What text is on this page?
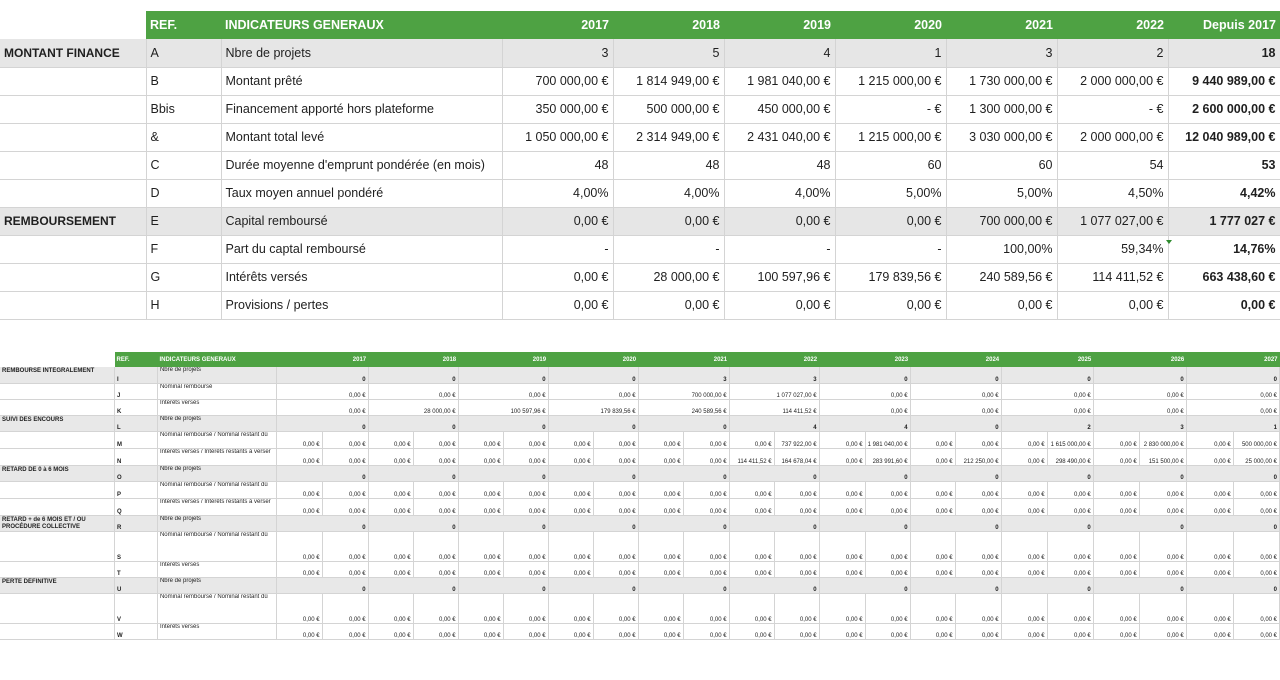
	REF.	INDICATEURS GENERAUX	2017	2018	2019	2020	2021	2022	Depuis 2017
MONTANT FINANCE	A	Nbre de projets	3	5	4	1	3	2	18
	B	Montant prêté	700 000,00 €	1 814 949,00 €	1 981 040,00 €	1 215 000,00 €	1 730 000,00 €	2 000 000,00 €	9 440 989,00 €
	Bbis	Financement apporté hors plateforme	350 000,00 €	500 000,00 €	450 000,00 €	- €	1 300 000,00 €	- €	2 600 000,00 €
	&	Montant total levé	1 050 000,00 €	2 314 949,00 €	2 431 040,00 €	1 215 000,00 €	3 030 000,00 €	2 000 000,00 €	12 040 989,00 €
	C	Durée moyenne d'emprunt pondérée (en mois)	48	48	48	60	60	54	53
	D	Taux moyen annuel pondéré	4,00%	4,00%	4,00%	5,00%	5,00%	4,50%	4,42%
REMBOURSEMENT	E	Capital remboursé	0,00 €	0,00 €	0,00 €	0,00 €	700 000,00 €	1 077 027,00 €	1 777 027 €
	F	Part du captal remboursé	-	-	-	-	100,00%	59,34%	14,76%
	G	Intérêts versés	0,00 €	28 000,00 €	100 597,96 €	179 839,56 €	240 589,56 €	114 411,52 €	663 438,60 €
	H	Provisions / pertes	0,00 €	0,00 €	0,00 €	0,00 €	0,00 €	0,00 €	0,00 €
	REF.	INDICATEURS GENERAUX	2017		2018		2019		2020		2021		2022		2023		2024		2025		2026		2027	
REMBOURSÉ INTÉGRALEMENT	I	Nbre de projets	0		0		0		0		3		3		0		0		0		0		0	
	J	Nominal remboursé	0,00 €		0,00 €		0,00 €		0,00 €		700 000,00 €		1 077 027,00 €		0,00 €		0,00 €		0,00 €		0,00 €		0,00 €	
	K	Intérêts versés	0,00 €		28 000,00 €		100 597,96 €		179 839,56 €		240 589,56 €		114 411,52 €		0,00 €		0,00 €		0,00 €		0,00 €		0,00 €	
SUIVI DES ENCOURS	L	Nbre de projets	0		0		0		0		0		4		4		0		2		3		1	
	M	Nominal remboursé / Nominal restant dû	0,00 €	0,00 €	0,00 €	0,00 €	0,00 €	0,00 €	0,00 €	0,00 €	0,00 €	0,00 €	0,00 €	737 922,00 €	0,00 €	1 981 040,00 €	0,00 €	0,00 €	0,00 €	1 615 000,00 €	0,00 €	2 830 000,00 €	0,00 €	500 000,00 €
	N	Intérêts versés / Intérêts restants à verser	0,00 €	0,00 €	0,00 €	0,00 €	0,00 €	0,00 €	0,00 €	0,00 €	0,00 €	0,00 €	114 411,52 €	164 678,04 €	0,00 €	283 991,60 €	0,00 €	212 250,00 €	0,00 €	298 490,00 €	0,00 €	151 500,00 €	0,00 €	25 000,00 €
RETARD DE 0 à 6 MOIS	O	Nbre de projets	0		0		0		0		0		0		0		0		0		0		0	
	P	Nominal remboursé / Nominal restant dû	0,00 €	0,00 €	0,00 €	0,00 €	0,00 €	0,00 €	0,00 €	0,00 €	0,00 €	0,00 €	0,00 €	0,00 €	0,00 €	0,00 €	0,00 €	0,00 €	0,00 €	0,00 €	0,00 €	0,00 €	0,00 €	0,00 €
	Q	Intérêts versés / Intérêts restants à verser	0,00 €	0,00 €	0,00 €	0,00 €	0,00 €	0,00 €	0,00 €	0,00 €	0,00 €	0,00 €	0,00 €	0,00 €	0,00 €	0,00 €	0,00 €	0,00 €	0,00 €	0,00 €	0,00 €	0,00 €	0,00 €	0,00 €
RETARD + de 6 MOIS ET / OU PROCÉDURE COLLECTIVE	R	Nbre de projets	0		0		0		0		0		0		0		0		0		0		0	
	S	Nominal remboursé / Nominal restant dû	0,00 €	0,00 €	0,00 €	0,00 €	0,00 €	0,00 €	0,00 €	0,00 €	0,00 €	0,00 €	0,00 €	0,00 €	0,00 €	0,00 €	0,00 €	0,00 €	0,00 €	0,00 €	0,00 €	0,00 €	0,00 €	0,00 €
	T	Intérêts versés	0,00 €	0,00 €	0,00 €	0,00 €	0,00 €	0,00 €	0,00 €	0,00 €	0,00 €	0,00 €	0,00 €	0,00 €	0,00 €	0,00 €	0,00 €	0,00 €	0,00 €	0,00 €	0,00 €	0,00 €	0,00 €	0,00 €
PERTE DÉFINITIVE	U	Nbre de projets	0		0		0		0		0		0		0		0		0		0		0	
	V	Nominal remboursé / Nominal restant dû	0,00 €	0,00 €	0,00 €	0,00 €	0,00 €	0,00 €	0,00 €	0,00 €	0,00 €	0,00 €	0,00 €	0,00 €	0,00 €	0,00 €	0,00 €	0,00 €	0,00 €	0,00 €	0,00 €	0,00 €	0,00 €	0,00 €
	W	Intérêts versés	0,00 €	0,00 €	0,00 €	0,00 €	0,00 €	0,00 €	0,00 €	0,00 €	0,00 €	0,00 €	0,00 €	0,00 €	0,00 €	0,00 €	0,00 €	0,00 €	0,00 €	0,00 €	0,00 €	0,00 €	0,00 €	0,00 €
